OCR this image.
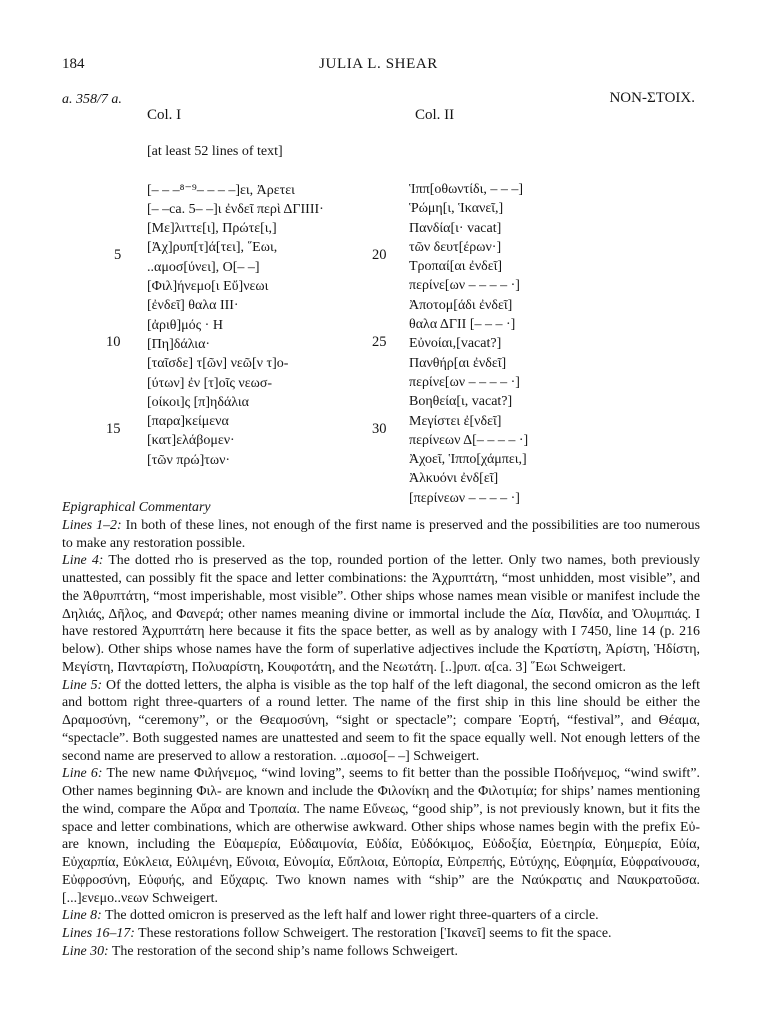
184	JULIA L. SHEAR
a. 358/7 a.	NON-ΣΤΟΙΧ.
Col. I	Col. II
[at least 52 lines of text]
[– – –⁸⁻⁹– – – –]ει, Ἀρετει
[– –ca. 5– –]ι ἐνδεῖ περὶ ΔΓΙΙΙΙ·
[Με]λιττε[ι], Πρώτε[ι,]
[Ἀχ]ρυπ[τ]ά[τει], ῞Εωι,
..αμοσ[ύνει], Ο[– –]
[Φιλ]ήνεμο[ι Εὔ]νεωι
[ἐνδεῖ] θαλα ΙΙΙ·
[ἀριθ]μός · Η
[Πη]δάλια·
[ταῖσδε] τ[ῶν] νεῶ[ν τ]ο-
[ύτων] ἐν [τ]οῖς νεωσ-
[οίκοι]ς [π]ηδάλια
[παρα]κείμενα
[κατ]ελάβομεν·
[τῶν πρώ]των·
5
10
15
Ἱππ[οθωντίδι, – – –]
Ῥώμη[ι, Ἱκανεῖ,]
Πανδία[ι· vacat]
τῶν δευτ[έρων·]
Τροπαί[αι ἐνδεῖ]
περίνε[ων – – – – ·]
Ἀποτομ[άδι ἐνδεῖ]
θαλα ΔΓΙΙ [– – – ·]
Εὐνοίαι,[vacat?]
Πανθήρ[αι ἐνδεῖ]
περίνε[ων – – – – ·]
Βοηθεία[ι, vacat?]
Μεγίστει ἐ[νδεῖ]
περίνεων Δ[– – – – ·]
Ἀχοεῖ, Ἱππο[χάμπει,]
Ἀλκυόνι ἐνδ[εῖ]
[περίνεων – – – – ·]
20
25
30

Epigraphical Commentary

Lines 1–2: In both of these lines, not enough of the first name is preserved and the possibilities are too numerous to make any restoration possible.

Line 4: The dotted rho is preserved as the top, rounded portion of the letter. Only two names, both previously unattested, can possibly fit the space and letter combinations: the Ἀχρυπτάτη, “most unhidden, most visible”, and the Ἀθρυπτάτη, “most imperishable, most visible”. Other ships whose names mean visible or manifest include the Δηλιάς, Δῆλος, and Φανερά; other names meaning divine or immortal include the Δία, Πανδία, and Ὀλυμπιάς. I have restored Ἀχρυπτάτη here because it fits the space better, as well as by analogy with I 7450, line 14 (p. 216 below). Other ships whose names have the form of superlative adjectives include the Κρατίστη, Ἀρίστη, Ἡδίστη, Μεγίστη, Πανταρίστη, Πολυαρίστη, Κουφοτάτη, and the Νεωτάτη. [..]ρυπ. α[ca. 3] ῞Εωι Schweigert.

Line 5: Of the dotted letters, the alpha is visible as the top half of the left diagonal, the second omicron as the left and bottom right three-quarters of a round letter. The name of the first ship in this line should be either the Δραμοσύνη, “ceremony”, or the Θεαμοσύνη, “sight or spectacle”; compare Ἑορτή, “festival”, and Θέαμα, “spectacle”. Both suggested names are unattested and seem to fit the space equally well. Not enough letters of the second name are preserved to allow a restoration. ..αμοσο[– –] Schweigert.

Line 6: The new name Φιλήνεμος, “wind loving”, seems to fit better than the possible Ποδήνεμος, “wind swift”. Other names beginning Φιλ- are known and include the Φιλονίκη and the Φιλοτιμία; for ships’ names mentioning the wind, compare the Αὔρα and Τροπαία. The name Εὔνεως, “good ship”, is not previously known, but it fits the space and letter combinations, which are otherwise awkward. Other ships whose names begin with the prefix Εὐ- are known, including the Εὐαμερία, Εὐδαιμονία, Εὐδία, Εὐδόκιμος, Εὐδοξία, Εὐετηρία, Εὐημερία, Εὐία, Εὐχαρπία, Εὐκλεια, Εὐλιμένη, Εὔνοια, Εὐνομία, Εὔπλοια, Εὐπορία, Εὐπρεπής, Εὐτύχης, Εὐφημία, Εὐφραίνουσα, Εὐφροσύνη, Εὐφυής, and Εὔχαρις. Two known names with “ship” are the Ναύκρατις and Ναυκρατοῦσα. [...]ενεμο..νεων Schweigert.

Line 8: The dotted omicron is preserved as the left half and lower right three-quarters of a circle.

Lines 16–17: These restorations follow Schweigert. The restoration [Ἱκανεῖ] seems to fit the space.

Line 30: The restoration of the second ship’s name follows Schweigert.
